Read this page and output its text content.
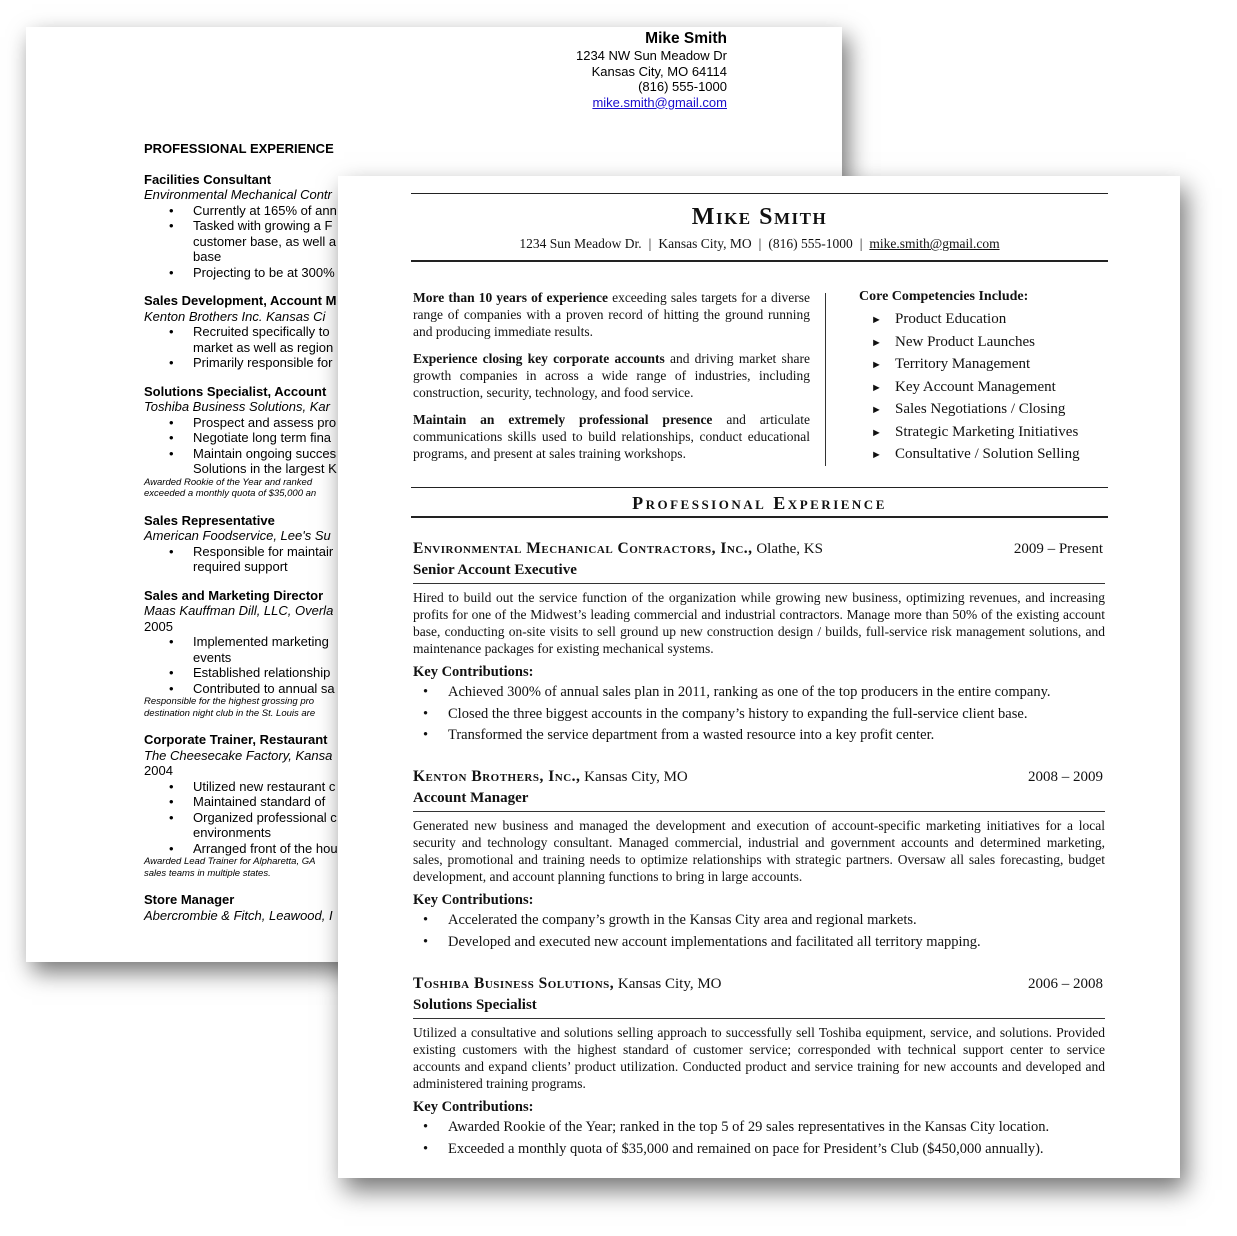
Mike Smith
1234 NW Sun Meadow Dr
Kansas City, MO 64114
(816) 555-1000
mike.smith@gmail.com
PROFESSIONAL EXPERIENCE
Facilities Consultant
Environmental Mechanical Contr
• Currently at 165% of ann
• Tasked with growing a F
customer base, as well a
base
• Projecting to be at 300%
Sales Development, Account M
Kenton Brothers Inc. Kansas Ci
• Recruited specifically to
market as well as region
• Primarily responsible for
Solutions Specialist, Account
Toshiba Business Solutions, Kar
• Prospect and assess pro
• Negotiate long term fina
• Maintain ongoing succes
Solutions in the largest K
Awarded Rookie of the Year and ranked
exceeded a monthly quota of $35,000 an
Sales Representative
American Foodservice, Lee's Su
• Responsible for maintair
required support
Sales and Marketing Director
Maas Kauffman Dill, LLC, Overla
2005
• Implemented marketing
events
• Established relationship
• Contributed to annual sa
Responsible for the highest grossing pro
destination night club in the St. Louis are
Corporate Trainer, Restaurant
The Cheesecake Factory, Kansa
2004
• Utilized new restaurant c
• Maintained standard of
• Organized professional c
environments
• Arranged front of the hou
Awarded Lead Trainer for Alpharetta, GA
sales teams in multiple states.
Store Manager
Abercrombie & Fitch, Leawood, I
Mike Smith
1234 Sun Meadow Dr. | Kansas City, MO | (816) 555-1000 | mike.smith@gmail.com

More than 10 years of experience exceeding sales targets for a diverse range of companies with a proven record of hitting the ground running and producing immediate results.

Experience closing key corporate accounts and driving market share growth companies in across a wide range of industries, including construction, security, technology, and food service.

Maintain an extremely professional presence and articulate communications skills used to build relationships, conduct educational programs, and present at sales training workshops.

Core Competencies Include:
► Product Education
► New Product Launches
► Territory Management
► Key Account Management
► Sales Negotiations / Closing
► Strategic Marketing Initiatives
► Consultative / Solution Selling
Professional Experience
Environmental Mechanical Contractors, Inc., Olathe, KS	2009 – Present
Senior Account Executive
Hired to build out the service function of the organization while growing new business, optimizing revenues, and increasing profits for one of the Midwest’s leading commercial and industrial contractors. Manage more than 50% of the existing account base, conducting on-site visits to sell ground up new construction design / builds, full-service risk management solutions, and maintenance packages for existing mechanical systems.
Key Contributions:
• Achieved 300% of annual sales plan in 2011, ranking as one of the top producers in the entire company.
• Closed the three biggest accounts in the company’s history to expanding the full-service client base.
• Transformed the service department from a wasted resource into a key profit center.
Kenton Brothers, Inc., Kansas City, MO	2008 – 2009
Account Manager
Generated new business and managed the development and execution of account-specific marketing initiatives for a local security and technology consultant. Managed commercial, industrial and government accounts and determined marketing, sales, promotional and training needs to optimize relationships with strategic partners. Oversaw all sales forecasting, budget development, and account planning functions to bring in large accounts.
Key Contributions:
• Accelerated the company’s growth in the Kansas City area and regional markets.
• Developed and executed new account implementations and facilitated all territory mapping.
Toshiba Business Solutions, Kansas City, MO	2006 – 2008
Solutions Specialist
Utilized a consultative and solutions selling approach to successfully sell Toshiba equipment, service, and solutions. Provided existing customers with the highest standard of customer service; corresponded with technical support center to service accounts and expand clients’ product utilization. Conducted product and service training for new accounts and developed and administered training programs.
Key Contributions:
• Awarded Rookie of the Year; ranked in the top 5 of 29 sales representatives in the Kansas City location.
• Exceeded a monthly quota of $35,000 and remained on pace for President’s Club ($450,000 annually).
